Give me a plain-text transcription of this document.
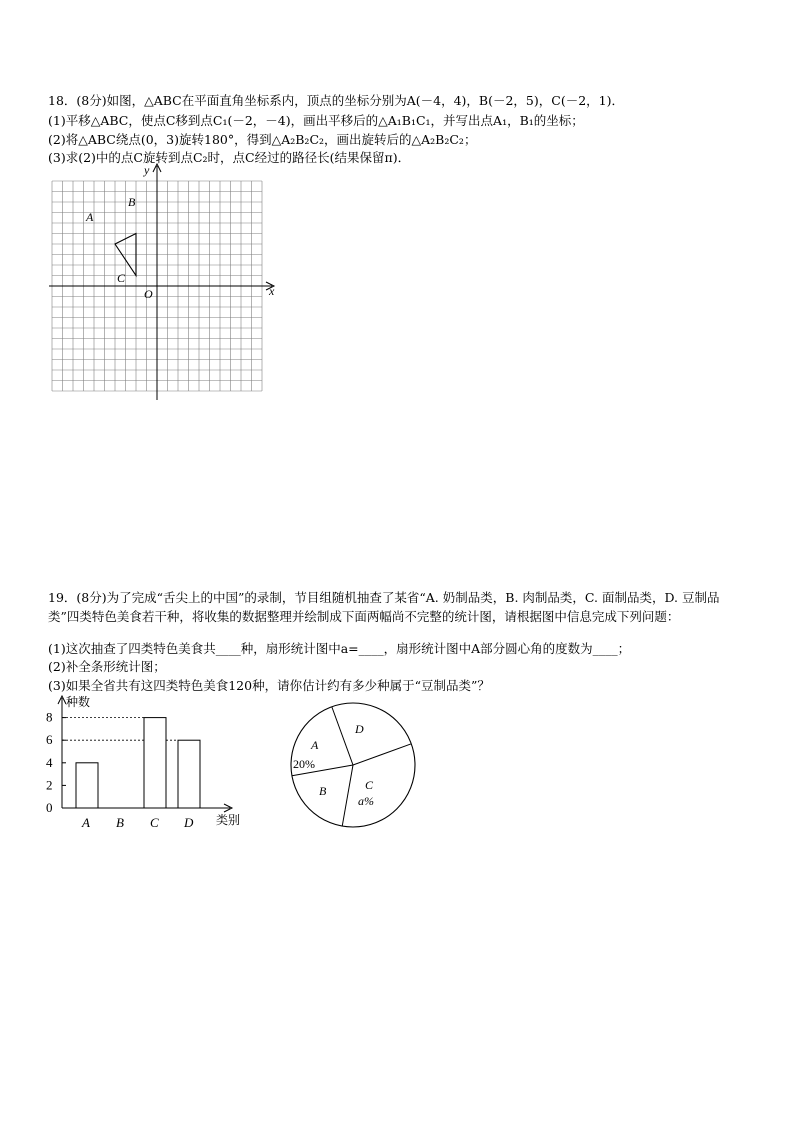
18．(8分)如图，△ABC在平面直角坐标系内，顶点的坐标分别为A(－4，4)，B(－2，5)，C(－2，1)．
(1)平移△ABC，使点C移到点C₁(－2，－4)，画出平移后的△A₁B₁C₁，并写出点A₁，B₁的坐标；
(2)将△ABC绕点(0，3)旋转180°，得到△A₂B₂C₂，画出旋转后的△A₂B₂C₂；
(3)求(2)中的点C旋转到点C₂时，点C经过的路径长(结果保留π)．
x
y
O
A
B
C
19．(8分)为了完成“舌尖上的中国”的录制，节目组随机抽查了某省“A. 奶制品类，B. 肉制品类，C. 面制品类，D. 豆制品类”四类特色美食若干种，将收集的数据整理并绘制成下面两幅尚不完整的统计图，请根据图中信息完成下列问题：
(1)这次抽查了四类特色美食共____种，扇形统计图中a=____，扇形统计图中A部分圆心角的度数为____；
(2)补全条形统计图；
(3)如果全省共有这四类特色美食120种，请你估计约有多少种属于“豆制品类”？
种数
类别
0
2
4
6
8
A B C D
D
A
20%
B	C
a%
